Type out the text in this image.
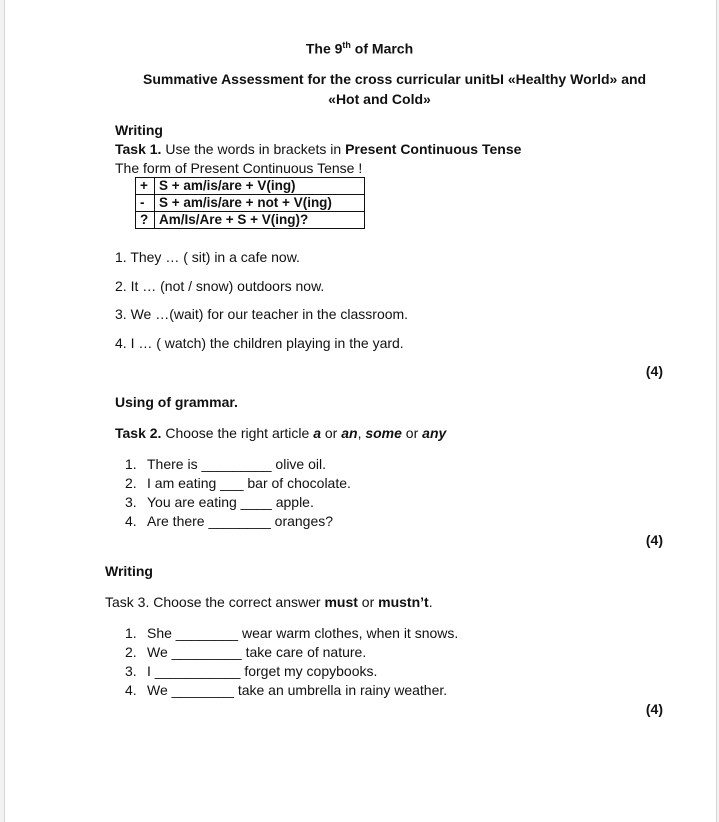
The 9th of March
Summative Assessment for the cross curricular unitЫ «Healthy World» and
«Hot and Cold»
Writing
Task 1. Use the words in brackets in Present Continuous Tense
The form of Present Continuous Tense !
+	S + am/is/are + V(ing)
-	S + am/is/are + not + V(ing)
?	Am/Is/Are + S + V(ing)?
1. They … ( sit) in a cafe now.
2. It … (not / snow) outdoors now.
3. We …(wait) for our teacher in the classroom.
4. I … ( watch) the children playing in the yard.
(4)
Using of grammar.
Task 2. Choose the right article a or an, some or any
1. There is _________ olive oil.
2. I am eating ___ bar of chocolate.
3. You are eating ____ apple.
4. Are there ________ oranges?
(4)
Writing
Task 3. Choose the correct answer must or mustn’t.
1. She ________ wear warm clothes, when it snows.
2. We _________ take care of nature.
3. I ___________ forget my copybooks.
4. We ________ take an umbrella in rainy weather.
(4)
